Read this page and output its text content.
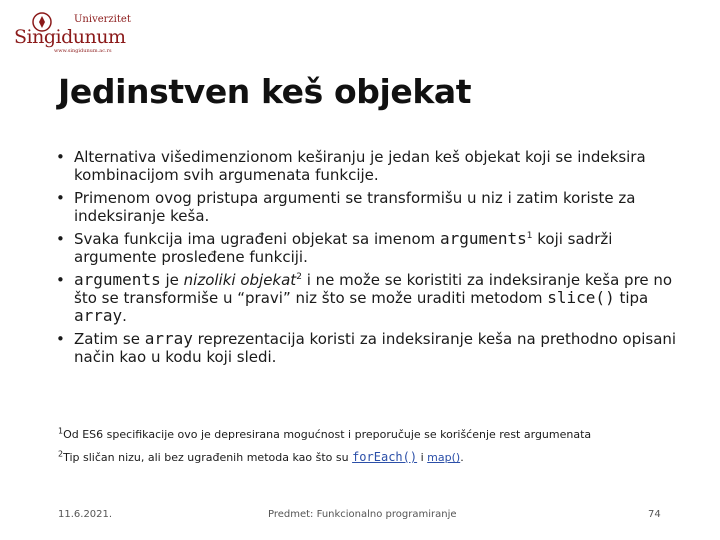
Univerzitet
Singidunum
www.singidunum.ac.rs
Jedinstven keš objekat
• Alternativa višedimenzionom keširanju je jedan keš objekat koji se indeksira kombinacijom svih argumenata funkcije.
• Primenom ovog pristupa argumenti se transformišu u niz i zatim koriste za indeksiranje keša.
• Svaka funkcija ima ugrađeni objekat sa imenom arguments$^1$ koji sadrži argumente prosleđene funkciji.
• arguments je nizoliki objekat$^2$ i ne može se koristiti za indeksiranje keša pre no što se transformiše u “pravi” niz što se može uraditi metodom slice() tipa array.
• Zatim se array reprezentacija koristi za indeksiranje keša na prethodno opisani način kao u kodu koji sledi.
$^1$Od ES6 specifikacije ovo je depresirana mogućnost i preporučuje se korišćenje rest argumenata
$^2$Tip sličan nizu, ali bez ugrađenih metoda kao što su forEach() i map().
11.6.2021.	Predmet: Funkcionalno programiranje	74
